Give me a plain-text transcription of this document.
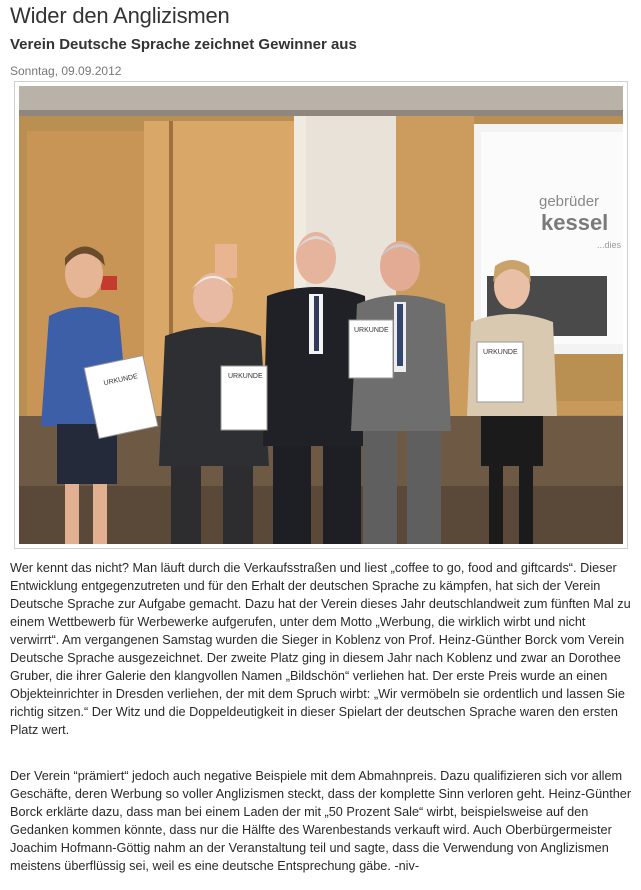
Wider den Anglizismen
Verein Deutsche Sprache zeichnet Gewinner aus
Sonntag, 09.09.2012
gebrüder
kessel
...dies
URKUNDE	URKUNDE
URKUNDE
URKUNDE
Wer kennt das nicht? Man läuft durch die Verkaufsstraßen und liest „coffee to go, food and giftcards“. Dieser Entwicklung entgegenzutreten und für den Erhalt der deutschen Sprache zu kämpfen, hat sich der Verein Deutsche Sprache zur Aufgabe gemacht. Dazu hat der Verein dieses Jahr deutschlandweit zum fünften Mal zu einem Wettbewerb für Werbewerke aufgerufen, unter dem Motto „Werbung, die wirklich wirbt und nicht verwirrt“. Am vergangenen Samstag wurden die Sieger in Koblenz von Prof. Heinz-Günther Borck vom Verein Deutsche Sprache ausgezeichnet. Der zweite Platz ging in diesem Jahr nach Koblenz und zwar an Dorothee Gruber, die ihrer Galerie den klangvollen Namen „Bildschön“ verliehen hat. Der erste Preis wurde an einen Objekteinrichter in Dresden verliehen, der mit dem Spruch wirbt: „Wir vermöbeln sie ordentlich und lassen Sie richtig sitzen.“ Der Witz und die Doppeldeutigkeit in dieser Spielart der deutschen Sprache waren den ersten Platz wert.
Der Verein “prämiert“ jedoch auch negative Beispiele mit dem Abmahnpreis. Dazu qualifizieren sich vor allem Geschäfte, deren Werbung so voller Anglizismen steckt, dass der komplette Sinn verloren geht. Heinz-Günther Borck erklärte dazu, dass man bei einem Laden der mit „50 Prozent Sale“ wirbt, beispielsweise auf den Gedanken kommen könnte, dass nur die Hälfte des Warenbestands verkauft wird. Auch Oberbürgermeister Joachim Hofmann-Göttig nahm an der Veranstaltung teil und sagte, dass die Verwendung von Anglizismen meistens überflüssig sei, weil es eine deutsche Entsprechung gäbe. -niv-
